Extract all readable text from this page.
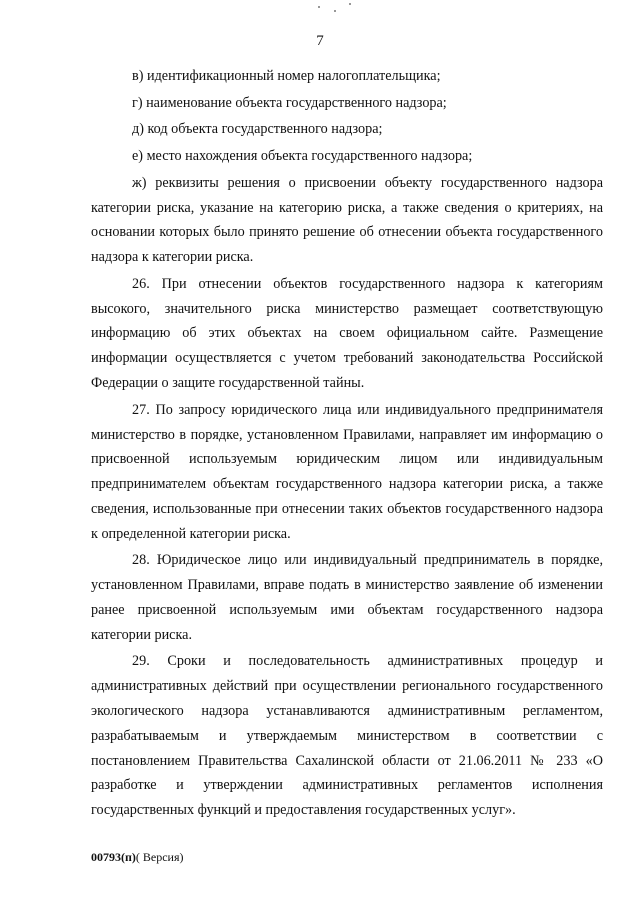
7

в) идентификационный номер налогоплательщика;

г) наименование объекта государственного надзора;

д) код объекта государственного надзора;

е) место нахождения объекта государственного надзора;

ж) реквизиты решения о присвоении объекту государственного надзора категории риска, указание на категорию риска, а также сведения о критериях, на основании которых было принято решение об отнесении объекта государственного надзора к категории риска.

26. При отнесении объектов государственного надзора к категориям высокого, значительного риска министерство размещает соответствующую информацию об этих объектах на своем официальном сайте. Размещение информации осуществляется с учетом требований законодательства Российской Федерации о защите государственной тайны.

27. По запросу юридического лица или индивидуального предпринимателя министерство в порядке, установленном Правилами, направляет им информацию о присвоенной используемым юридическим лицом или индивидуальным предпринимателем объектам государственного надзора категории риска, а также сведения, использованные при отнесении таких объектов государственного надзора к определенной категории риска.

28. Юридическое лицо или индивидуальный предприниматель в порядке, установленном Правилами, вправе подать в министерство заявление об изменении ранее присвоенной используемым ими объектам государственного надзора категории риска.

29. Сроки и последовательность административных процедур и административных действий при осуществлении регионального государственного экологического надзора устанавливаются административным регламентом, разрабатываемым и утверждаемым министерством в соответствии с постановлением Правительства Сахалинской области от 21.06.2011 № 233 «О разработке и утверждении административных регламентов исполнения государственных функций и предоставления государственных услуг».

00793(п)( Версия)
